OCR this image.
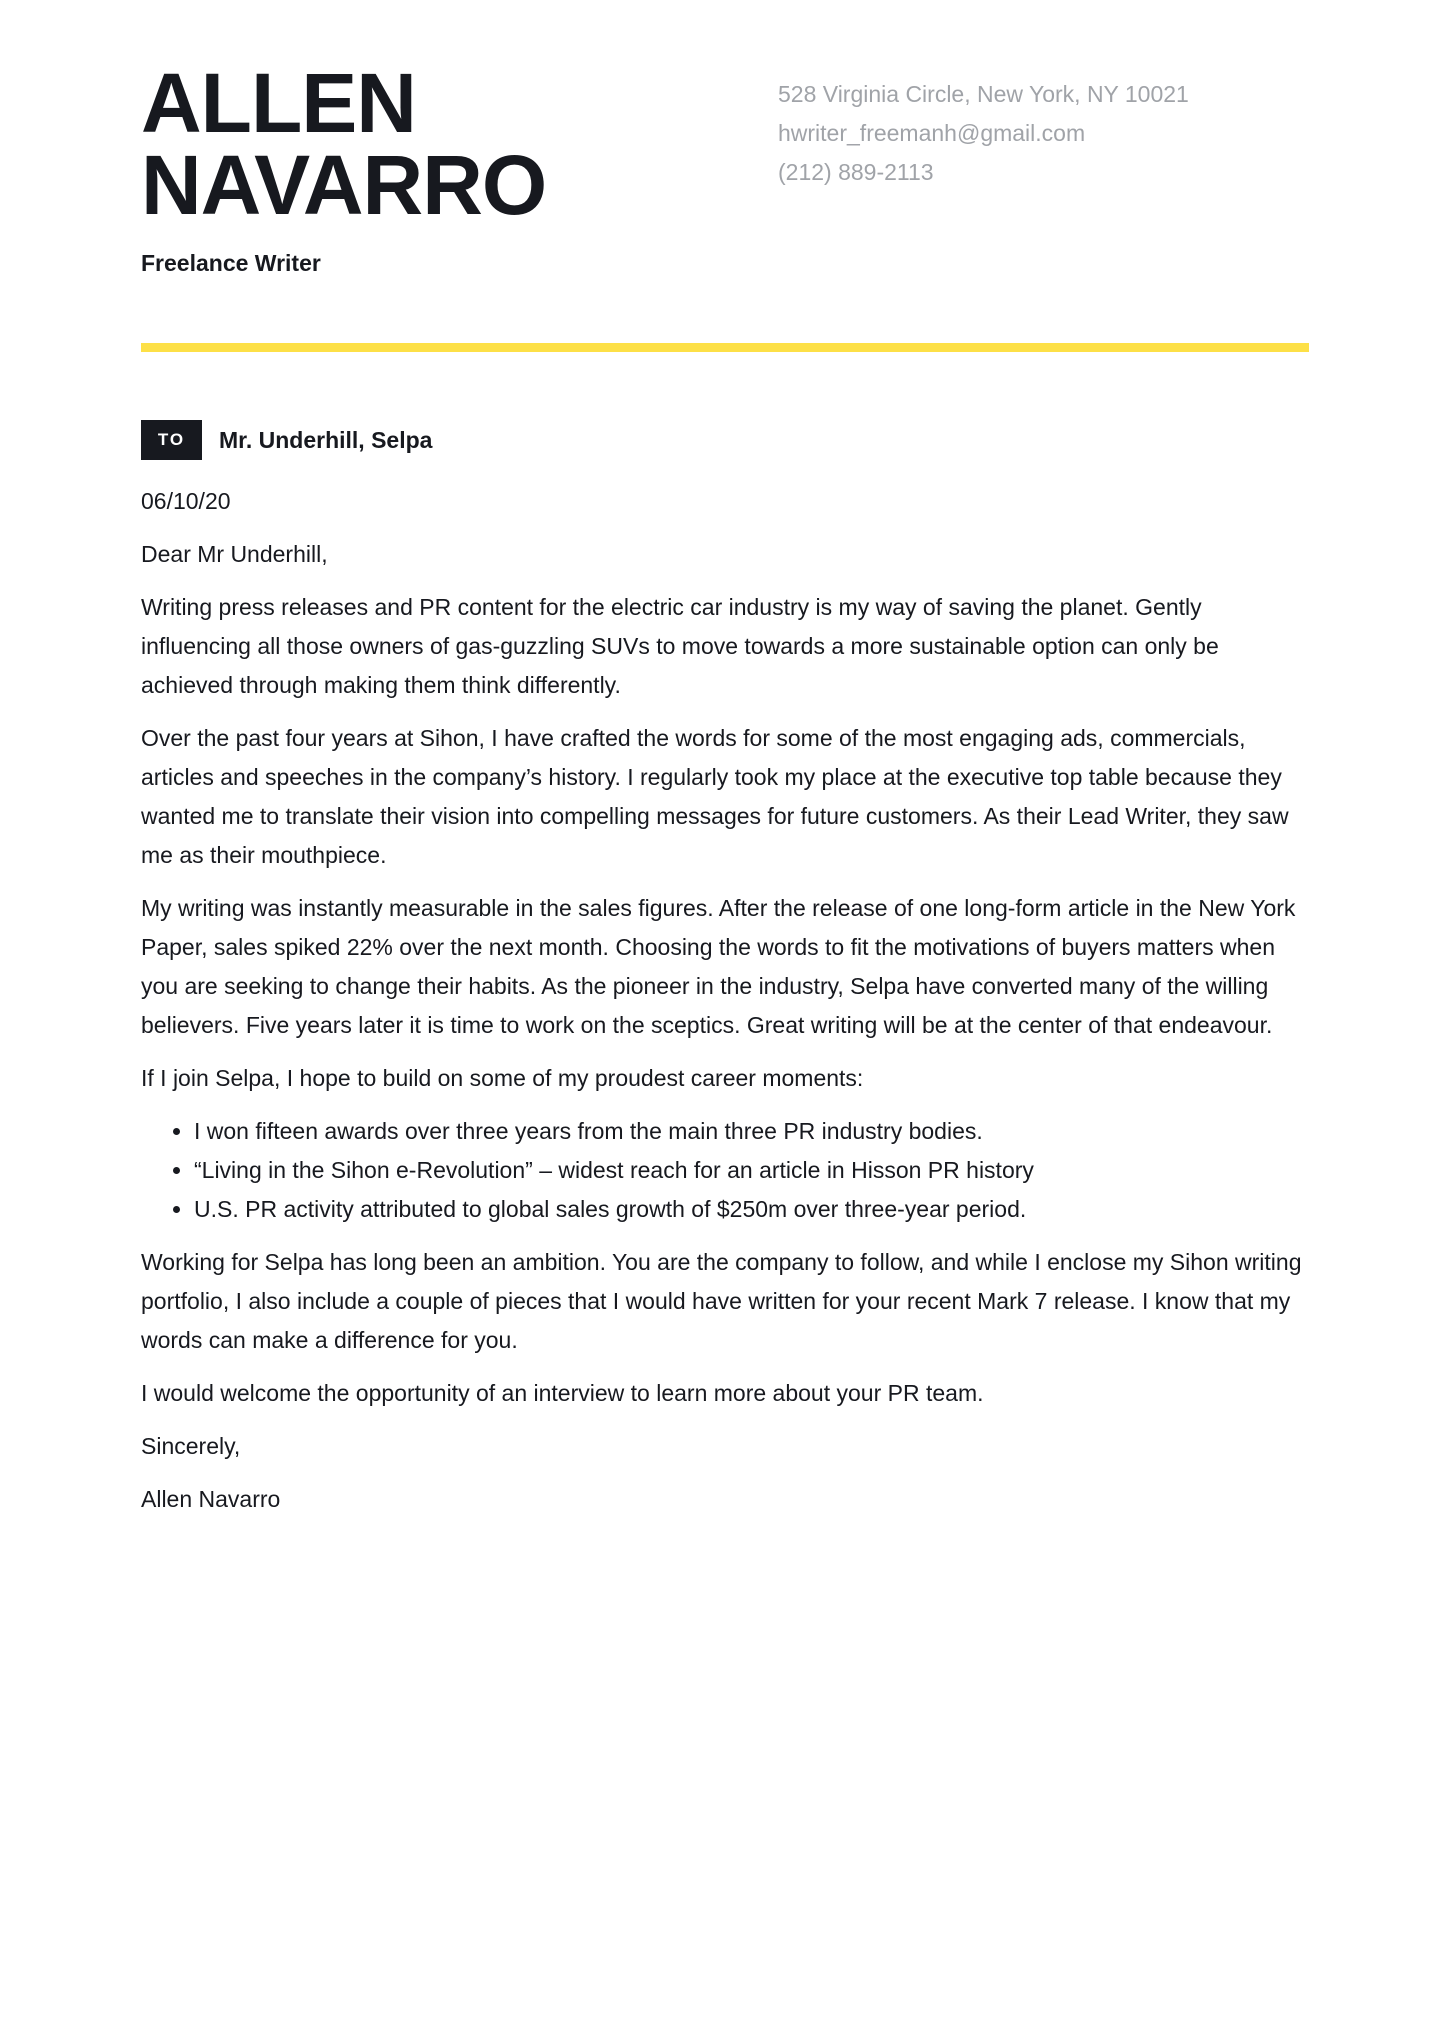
ALLEN
NAVARRO
Freelance Writer
528 Virginia Circle, New York, NY 10021
hwriter_freemanh@gmail.com
(212) 889-2113
TO	Mr. Underhill, Selpa

06/10/20

Dear Mr Underhill,

Writing press releases and PR content for the electric car industry is my way of saving the planet. Gently influencing all those owners of gas-guzzling SUVs to move towards a more sustainable option can only be achieved through making them think differently.

Over the past four years at Sihon, I have crafted the words for some of the most engaging ads, commercials, articles and speeches in the company’s history. I regularly took my place at the executive top table because they wanted me to translate their vision into compelling messages for future customers. As their Lead Writer, they saw me as their mouthpiece.

My writing was instantly measurable in the sales figures. After the release of one long-form article in the New York Paper, sales spiked 22% over the next month. Choosing the words to fit the motivations of buyers matters when you are seeking to change their habits. As the pioneer in the industry, Selpa have converted many of the willing believers. Five years later it is time to work on the sceptics. Great writing will be at the center of that endeavour.

If I join Selpa, I hope to build on some of my proudest career moments:

• I won fifteen awards over three years from the main three PR industry bodies.
• “Living in the Sihon e-Revolution” – widest reach for an article in Hisson PR history
• U.S. PR activity attributed to global sales growth of $250m over three-year period.

Working for Selpa has long been an ambition. You are the company to follow, and while I enclose my Sihon writing portfolio, I also include a couple of pieces that I would have written for your recent Mark 7 release. I know that my words can make a difference for you.

I would welcome the opportunity of an interview to learn more about your PR team.

Sincerely,

Allen Navarro
